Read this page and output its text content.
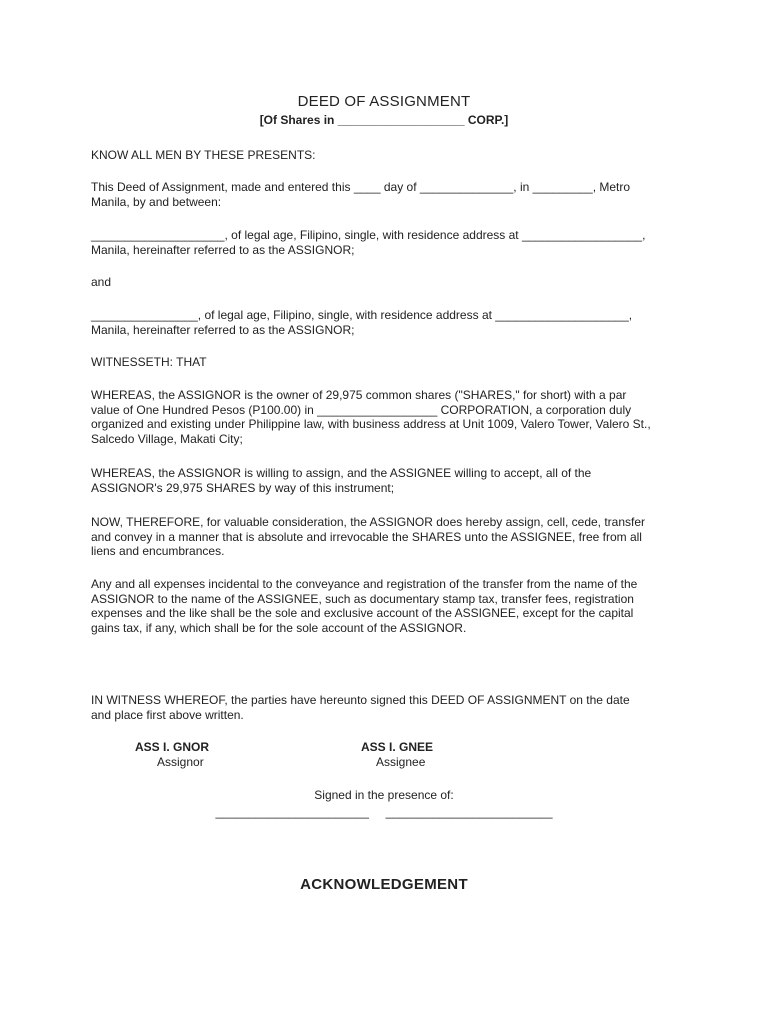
DEED OF ASSIGNMENT
[Of Shares in ___________________ CORP.]
KNOW ALL MEN BY THESE PRESENTS:
This Deed of Assignment, made and entered this ____ day of ______________, in _________, Metro
Manila, by and between:
____________________, of legal age, Filipino, single, with residence address at __________________,
Manila, hereinafter referred to as the ASSIGNOR;
and
________________, of legal age, Filipino, single, with residence address at ____________________,
Manila, hereinafter referred to as the ASSIGNOR;
WITNESSETH: THAT
WHEREAS, the ASSIGNOR is the owner of 29,975 common shares ("SHARES," for short) with a par
value of One Hundred Pesos (P100.00) in __________________ CORPORATION, a corporation duly
organized and existing under Philippine law, with business address at Unit 1009, Valero Tower, Valero St.,
Salcedo Village, Makati City;
WHEREAS, the ASSIGNOR is willing to assign, and the ASSIGNEE willing to accept, all of the
ASSIGNOR's 29,975 SHARES by way of this instrument;
NOW, THEREFORE, for valuable consideration, the ASSIGNOR does hereby assign, cell, cede, transfer
and convey in a manner that is absolute and irrevocable the SHARES unto the ASSIGNEE, free from all
liens and encumbrances.
Any and all expenses incidental to the conveyance and registration of the transfer from the name of the
ASSIGNOR to the name of the ASSIGNEE, such as documentary stamp tax, transfer fees, registration
expenses and the like shall be the sole and exclusive account of the ASSIGNEE, except for the capital
gains tax, if any, which shall be for the sole account of the ASSIGNOR.
IN WITNESS WHEREOF, the parties have hereunto signed this DEED OF ASSIGNMENT on the date
and place first above written.
ASS I. GNOR
Assignor
ASS I. GNEE
Assignee
Signed in the presence of:
_______________________     _________________________
ACKNOWLEDGEMENT
